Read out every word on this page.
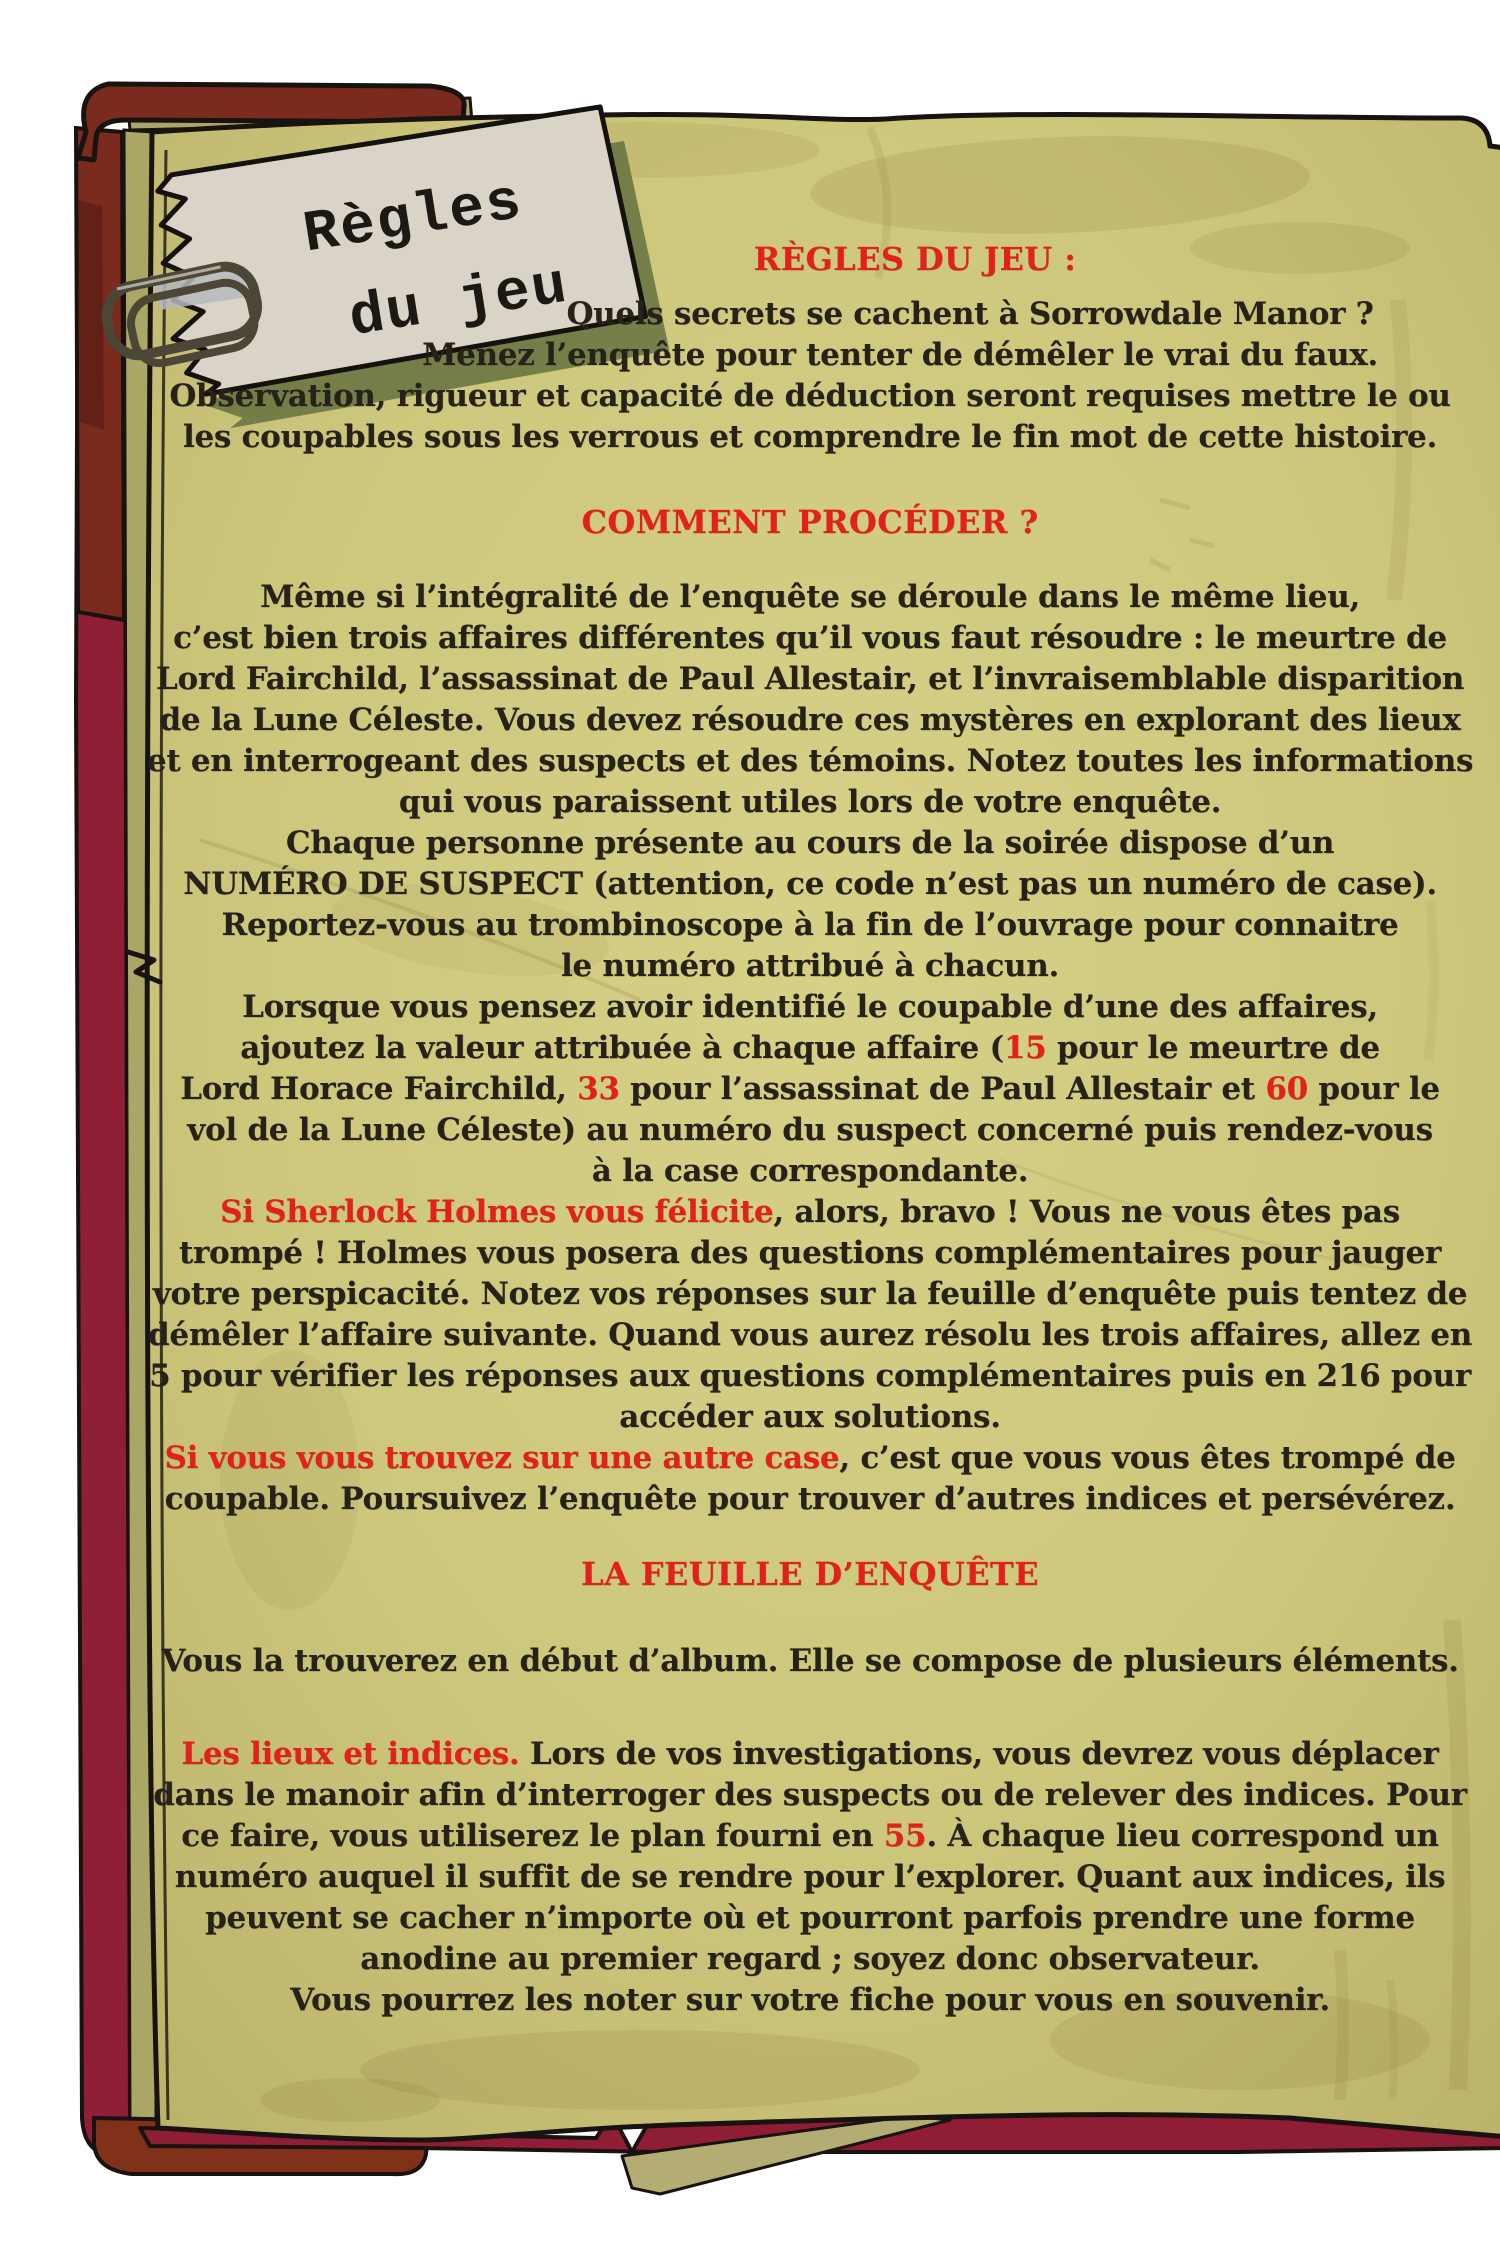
Règles
du jeu	RÈGLES DU JEU :
Quels secrets se cachent à Sorrowdale Manor ?
Menez l’enquête pour tenter de démêler le vrai du faux.
Observation, rigueur et capacité de déduction seront requises mettre le ou
les coupables sous les verrous et comprendre le fin mot de cette histoire.
COMMENT PROCÉDER ?
Même si l’intégralité de l’enquête se déroule dans le même lieu,
c’est bien trois affaires différentes qu’il vous faut résoudre : le meurtre de
Lord Fairchild, l’assassinat de Paul Allestair, et l’invraisemblable disparition
de la Lune Céleste. Vous devez résoudre ces mystères en explorant des lieux
et en interrogeant des suspects et des témoins. Notez toutes les informations
qui vous paraissent utiles lors de votre enquête.
Chaque personne présente au cours de la soirée dispose d’un
NUMÉRO DE SUSPECT (attention, ce code n’est pas un numéro de case).
Reportez-vous au trombinoscope à la fin de l’ouvrage pour connaitre
le numéro attribué à chacun.
Lorsque vous pensez avoir identifié le coupable d’une des affaires,
ajoutez la valeur attribuée à chaque affaire (15 pour le meurtre de
Lord Horace Fairchild, 33 pour l’assassinat de Paul Allestair et 60 pour le
vol de la Lune Céleste) au numéro du suspect concerné puis rendez-vous
à la case correspondante.
Si Sherlock Holmes vous félicite, alors, bravo ! Vous ne vous êtes pas
trompé ! Holmes vous posera des questions complémentaires pour jauger
votre perspicacité. Notez vos réponses sur la feuille d’enquête puis tentez de
démêler l’affaire suivante. Quand vous aurez résolu les trois affaires, allez en
5 pour vérifier les réponses aux questions complémentaires puis en 216 pour
accéder aux solutions.
Si vous vous trouvez sur une autre case, c’est que vous vous êtes trompé de
coupable. Poursuivez l’enquête pour trouver d’autres indices et persévérez.
LA FEUILLE D’ENQUÊTE
Vous la trouverez en début d’album. Elle se compose de plusieurs éléments.
Les lieux et indices. Lors de vos investigations, vous devrez vous déplacer
dans le manoir afin d’interroger des suspects ou de relever des indices. Pour
ce faire, vous utiliserez le plan fourni en 55. À chaque lieu correspond un
numéro auquel il suffit de se rendre pour l’explorer. Quant aux indices, ils
peuvent se cacher n’importe où et pourront parfois prendre une forme
anodine au premier regard ; soyez donc observateur.
Vous pourrez les noter sur votre fiche pour vous en souvenir.
